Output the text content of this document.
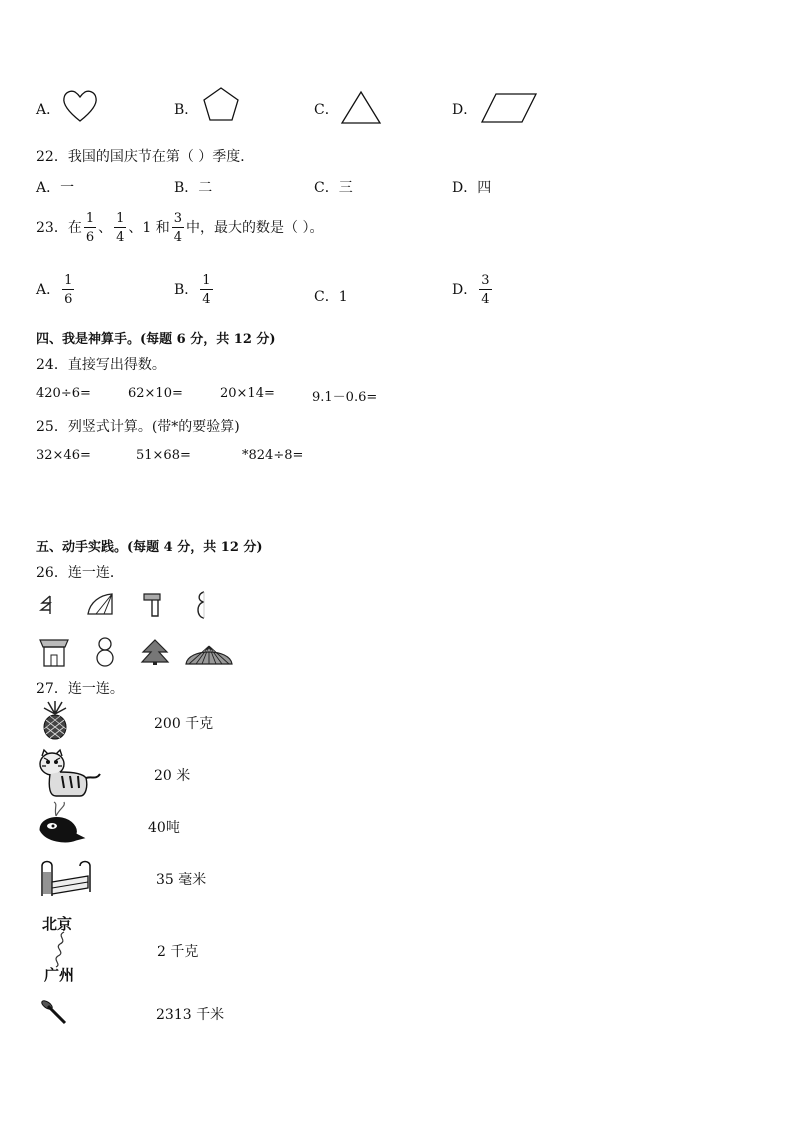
A．	B．	C．	D．
22．我国的国庆节在第（ ）季度．
A．一	B．二	C．三	D．四
23．在 $\frac{1}{6}$ 、 $\frac{1}{4}$ 、1 和 $\frac{3}{4}$ 中，最大的数是（ ）。
A． $\frac{1}{6}$	B． $\frac{1}{4}$	C．1	D． $\frac{3}{4}$
四、我是神算手。(每题 6 分，共 12 分)
24．直接写出得数。
420÷6=	62×10=	20×14=	9.1－0.6=
25．列竖式计算。(带*的要验算)
32×46=	51×68=	*824÷8=
五、动手实践。(每题 4 分，共 12 分)
26．连一连．
27．连一连。
北京
广州
200 千克
20 米
40吨
35 毫米
2 千克
2313 千米
